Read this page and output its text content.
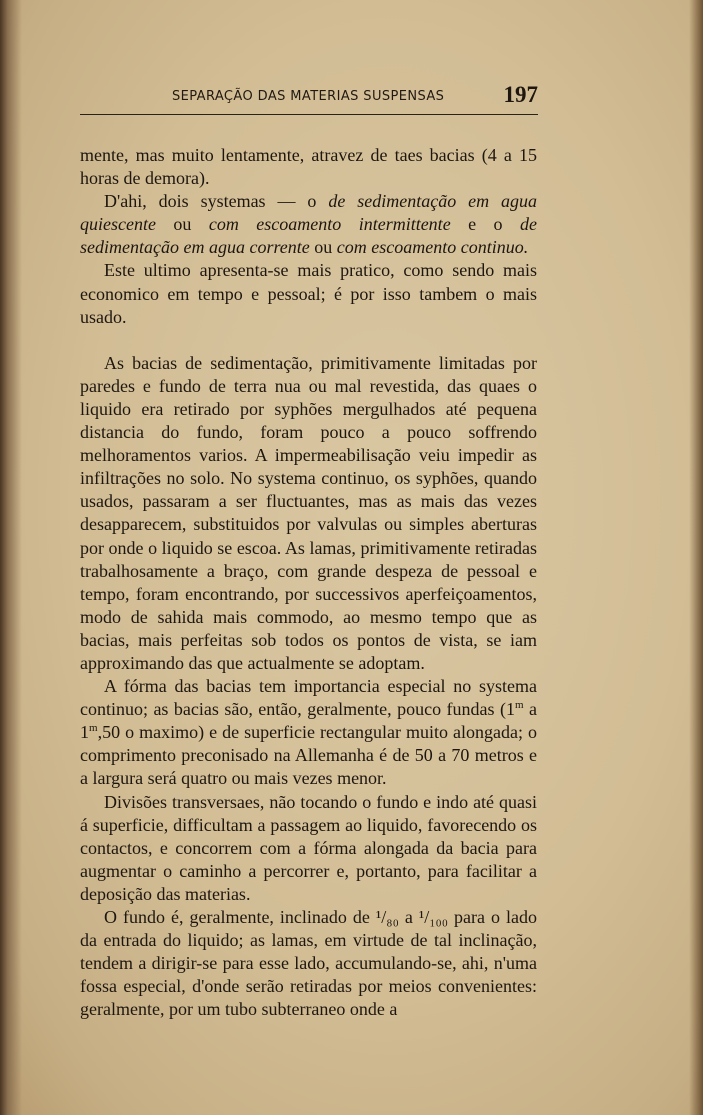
SEPARAÇÃO DAS MATERIAS SUSPENSAS	197

mente, mas muito lentamente, atravez de taes bacias (4 a 15 horas de demora).

D'ahi, dois systemas — o de sedimentação em agua quiescente ou com escoamento intermittente e o de sedimentação em agua corrente ou com escoamento continuo.

Este ultimo apresenta-se mais pratico, como sendo mais economico em tempo e pessoal; é por isso tambem o mais usado.

As bacias de sedimentação, primitivamente limitadas por paredes e fundo de terra nua ou mal revestida, das quaes o liquido era retirado por syphões mergulhados até pequena distancia do fundo, foram pouco a pouco soffrendo melhoramentos varios. A impermeabilisação veiu impedir as infiltrações no solo. No systema continuo, os syphões, quando usados, passaram a ser fluctuantes, mas as mais das vezes desapparecem, substituidos por valvulas ou simples aberturas por onde o liquido se escoa. As lamas, primitivamente retiradas trabalhosamente a braço, com grande despeza de pessoal e tempo, foram encontrando, por successivos aperfeiçoamentos, modo de sahida mais commodo, ao mesmo tempo que as bacias, mais perfeitas sob todos os pontos de vista, se iam approximando das que actualmente se adoptam.

A fórma das bacias tem importancia especial no systema continuo; as bacias são, então, geralmente, pouco fundas (1$^m$ a 1$^m$,50 o maximo) e de superficie rectangular muito alongada; o comprimento preconisado na Allemanha é de 50 a 70 metros e a largura será quatro ou mais vezes menor.

Divisões transversaes, não tocando o fundo e indo até quasi á superficie, difficultam a passagem ao liquido, favorecendo os contactos, e concorrem com a fórma alongada da bacia para augmentar o caminho a percorrer e, portanto, para facilitar a deposição das materias.

O fundo é, geralmente, inclinado de ¹/₈₀ a ¹/₁₀₀ para o lado da entrada do liquido; as lamas, em virtude de tal inclinação, tendem a dirigir-se para esse lado, accumulando-se, ahi, n'uma fossa especial, d'onde serão retiradas por meios convenientes: geralmente, por um tubo subterraneo onde a
